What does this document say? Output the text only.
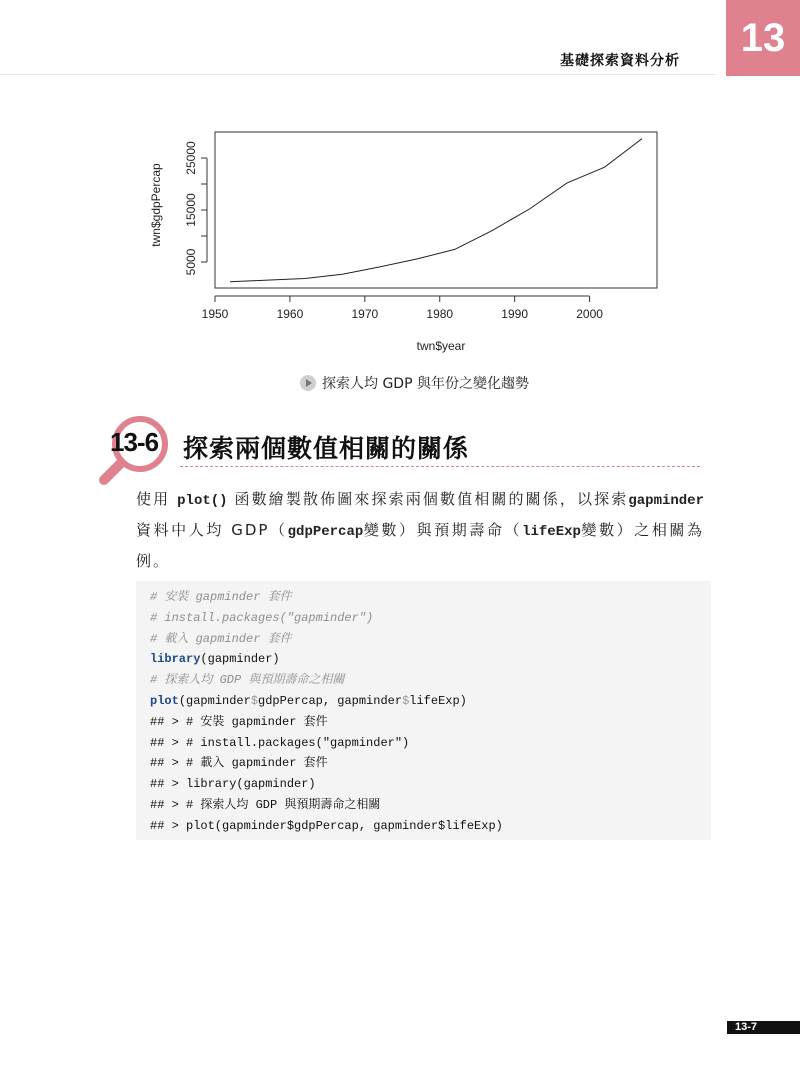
基礎探索資料分析
13
1950	1960	1970	1980	1990	2000
5000
15000
25000
twn$year
twn$gdpPercap
探索人均 GDP 與年份之變化趨勢
13-6 探索兩個數值相關的關係
使用 plot() 函數繪製散佈圖來探索兩個數值相關的關係，以探索gapminder資料中人均 GDP（gdpPercap變數）與預期壽命（lifeExp變數）之相關為例。
# 安裝 gapminder 套件
# install.packages("gapminder")
# 載入 gapminder 套件
library(gapminder)
# 探索人均 GDP 與預期壽命之相關
plot(gapminder$gdpPercap, gapminder$lifeExp)
## > # 安裝 gapminder 套件
## > # install.packages("gapminder")
## > # 載入 gapminder 套件
## > library(gapminder)
## > # 探索人均 GDP 與預期壽命之相關
## > plot(gapminder$gdpPercap, gapminder$lifeExp)
13-7
